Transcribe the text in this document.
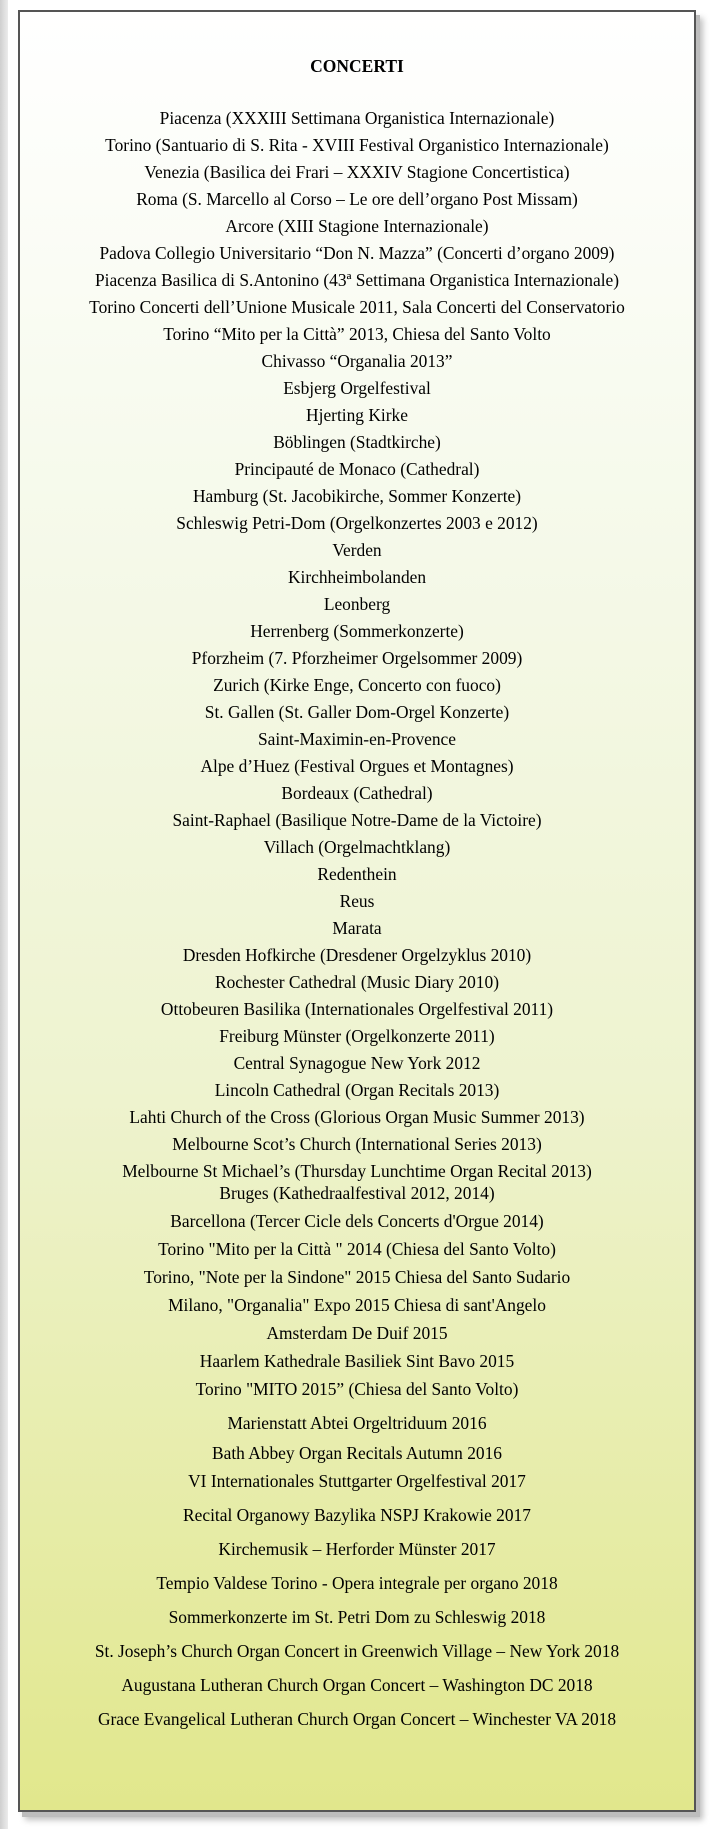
CONCERTI
Piacenza (XXXIII Settimana Organistica Internazionale)
Torino (Santuario di S. Rita - XVIII Festival Organistico Internazionale)
Venezia (Basilica dei Frari – XXXIV Stagione Concertistica)
Roma (S. Marcello al Corso – Le ore dell’organo Post Missam)
Arcore (XIII Stagione Internazionale)
Padova Collegio Universitario “Don N. Mazza” (Concerti d’organo 2009)
Piacenza Basilica di S.Antonino (43ª Settimana Organistica Internazionale)
Torino Concerti dell’Unione Musicale 2011, Sala Concerti del Conservatorio
Torino “Mito per la Città” 2013, Chiesa del Santo Volto
Chivasso “Organalia 2013”
Esbjerg Orgelfestival
Hjerting Kirke
Böblingen (Stadtkirche)
Principauté de Monaco (Cathedral)
Hamburg (St. Jacobikirche, Sommer Konzerte)
Schleswig Petri-Dom (Orgelkonzertes 2003 e 2012)
Verden
Kirchheimbolanden
Leonberg
Herrenberg (Sommerkonzerte)
Pforzheim (7. Pforzheimer Orgelsommer 2009)
Zurich (Kirke Enge, Concerto con fuoco)
St. Gallen (St. Galler Dom-Orgel Konzerte)
Saint-Maximin-en-Provence
Alpe d’Huez (Festival Orgues et Montagnes)
Bordeaux (Cathedral)
Saint-Raphael (Basilique Notre-Dame de la Victoire)
Villach (Orgelmachtklang)
Redenthein
Reus
Marata
Dresden Hofkirche (Dresdener Orgelzyklus 2010)
Rochester Cathedral (Music Diary 2010)
Ottobeuren Basilika (Internationales Orgelfestival 2011)
Freiburg Münster (Orgelkonzerte 2011)
Central Synagogue New York 2012
Lincoln Cathedral (Organ Recitals 2013)
Lahti Church of the Cross (Glorious Organ Music Summer 2013)
Melbourne Scot’s Church (International Series 2013)
Melbourne St Michael’s (Thursday Lunchtime Organ Recital 2013)
Bruges (Kathedraalfestival 2012, 2014)
Barcellona (Tercer Cicle dels Concerts d'Orgue 2014)
Torino "Mito per la Città " 2014 (Chiesa del Santo Volto)
Torino, "Note per la Sindone" 2015 Chiesa del Santo Sudario
Milano, "Organalia" Expo 2015 Chiesa di sant'Angelo
Amsterdam De Duif 2015
Haarlem Kathedrale Basiliek Sint Bavo 2015
Torino "MITO 2015” (Chiesa del Santo Volto)
Marienstatt Abtei Orgeltriduum 2016
Bath Abbey Organ Recitals Autumn 2016
VI Internationales Stuttgarter Orgelfestival 2017
Recital Organowy Bazylika NSPJ Krakowie 2017
Kirchemusik – Herforder Münster 2017
Tempio Valdese Torino - Opera integrale per organo 2018
Sommerkonzerte im St. Petri Dom zu Schleswig 2018
St. Joseph’s Church Organ Concert in Greenwich Village – New York 2018
Augustana Lutheran Church Organ Concert – Washington DC 2018
Grace Evangelical Lutheran Church Organ Concert – Winchester VA 2018
